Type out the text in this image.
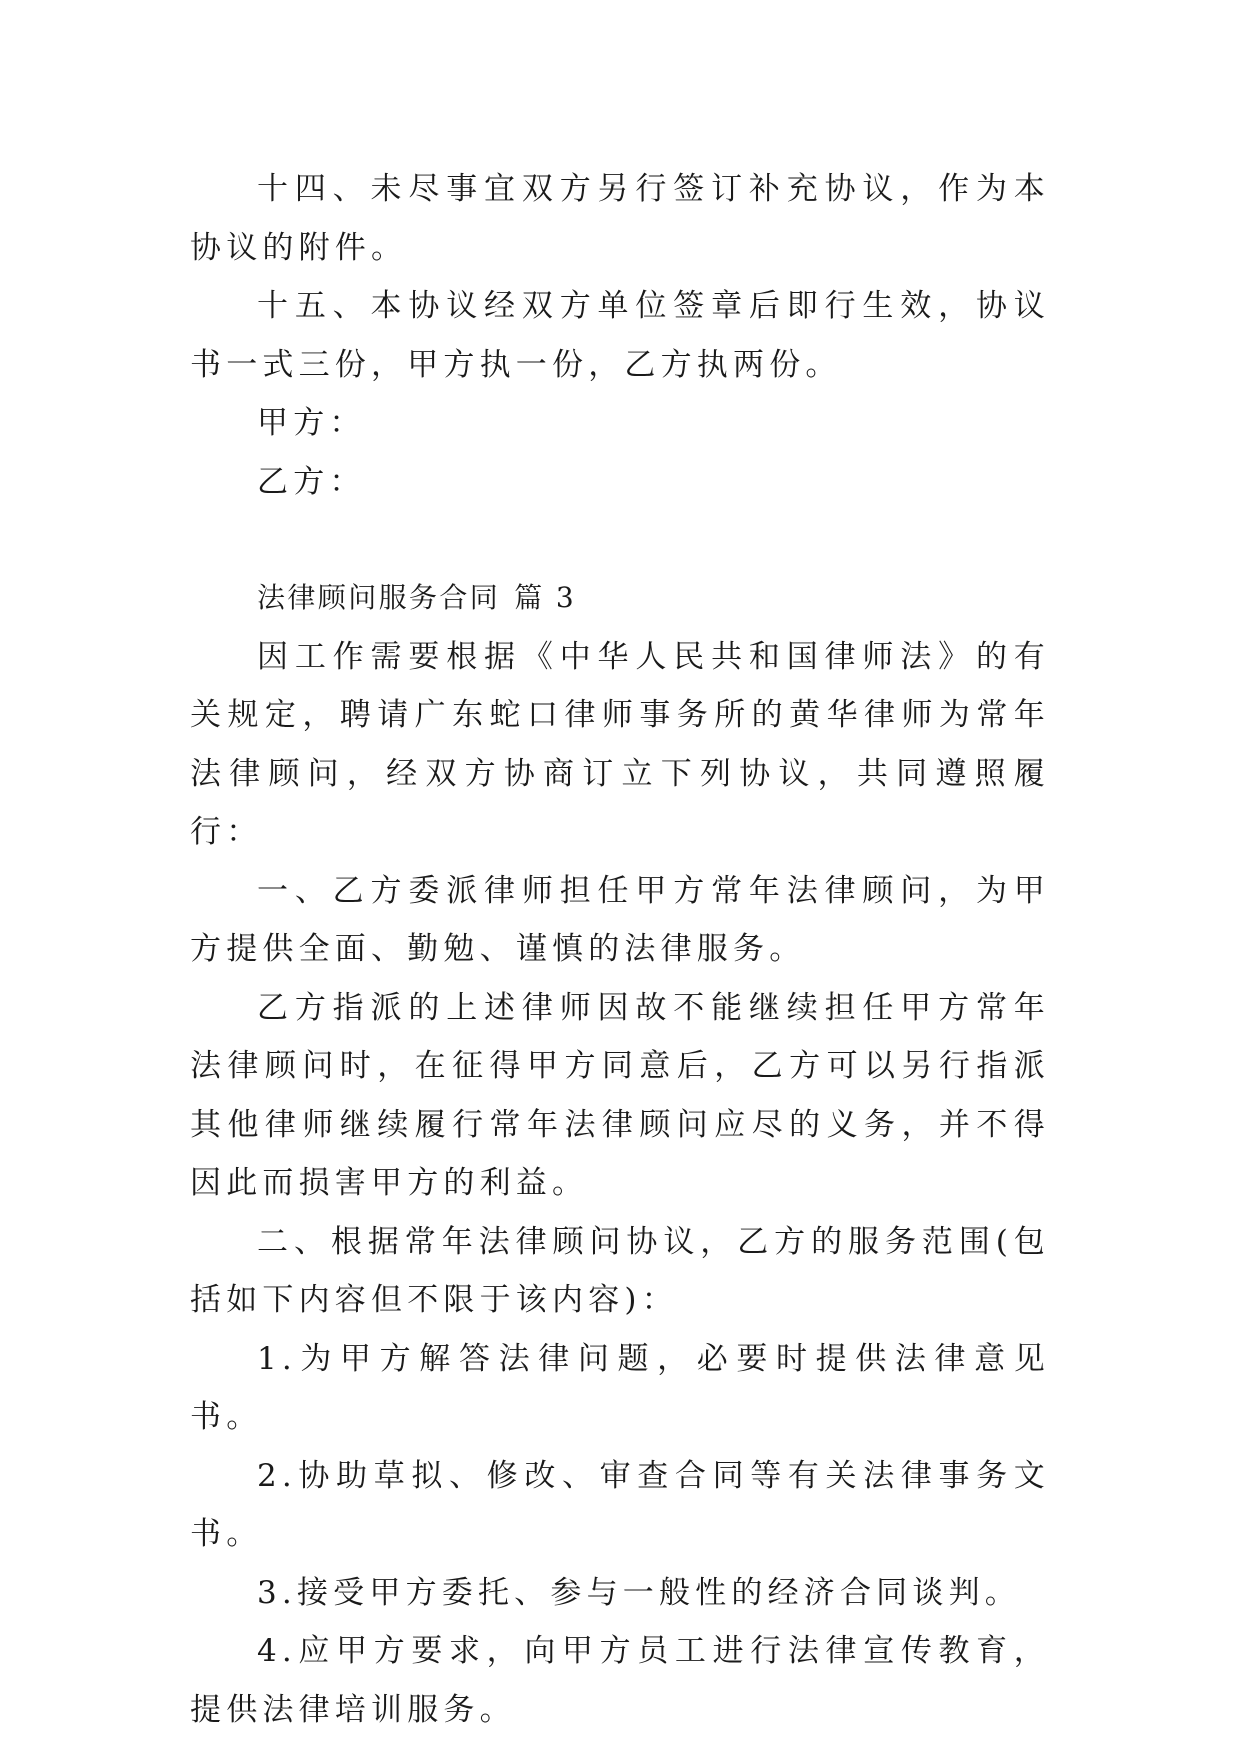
十四、未尽事宜双方另行签订补充协议，作为本协议的附件。

十五、本协议经双方单位签章后即行生效，协议书一式三份，甲方执一份，乙方执两份。

甲方：

乙方：

法律顾问服务合同 篇 3

因工作需要根据《中华人民共和国律师法》的有关规定，聘请广东蛇口律师事务所的黄华律师为常年法律顾问，经双方协商订立下列协议，共同遵照履行：

一、乙方委派律师担任甲方常年法律顾问，为甲方提供全面、勤勉、谨慎的法律服务。

乙方指派的上述律师因故不能继续担任甲方常年法律顾问时，在征得甲方同意后，乙方可以另行指派其他律师继续履行常年法律顾问应尽的义务，并不得因此而损害甲方的利益。

二、根据常年法律顾问协议，乙方的服务范围(包括如下内容但不限于该内容)：

1.为甲方解答法律问题，必要时提供法律意见书。

2.协助草拟、修改、审查合同等有关法律事务文书。

3.接受甲方委托、参与一般性的经济合同谈判。

4.应甲方要求，向甲方员工进行法律宣传教育，提供法律培训服务。
